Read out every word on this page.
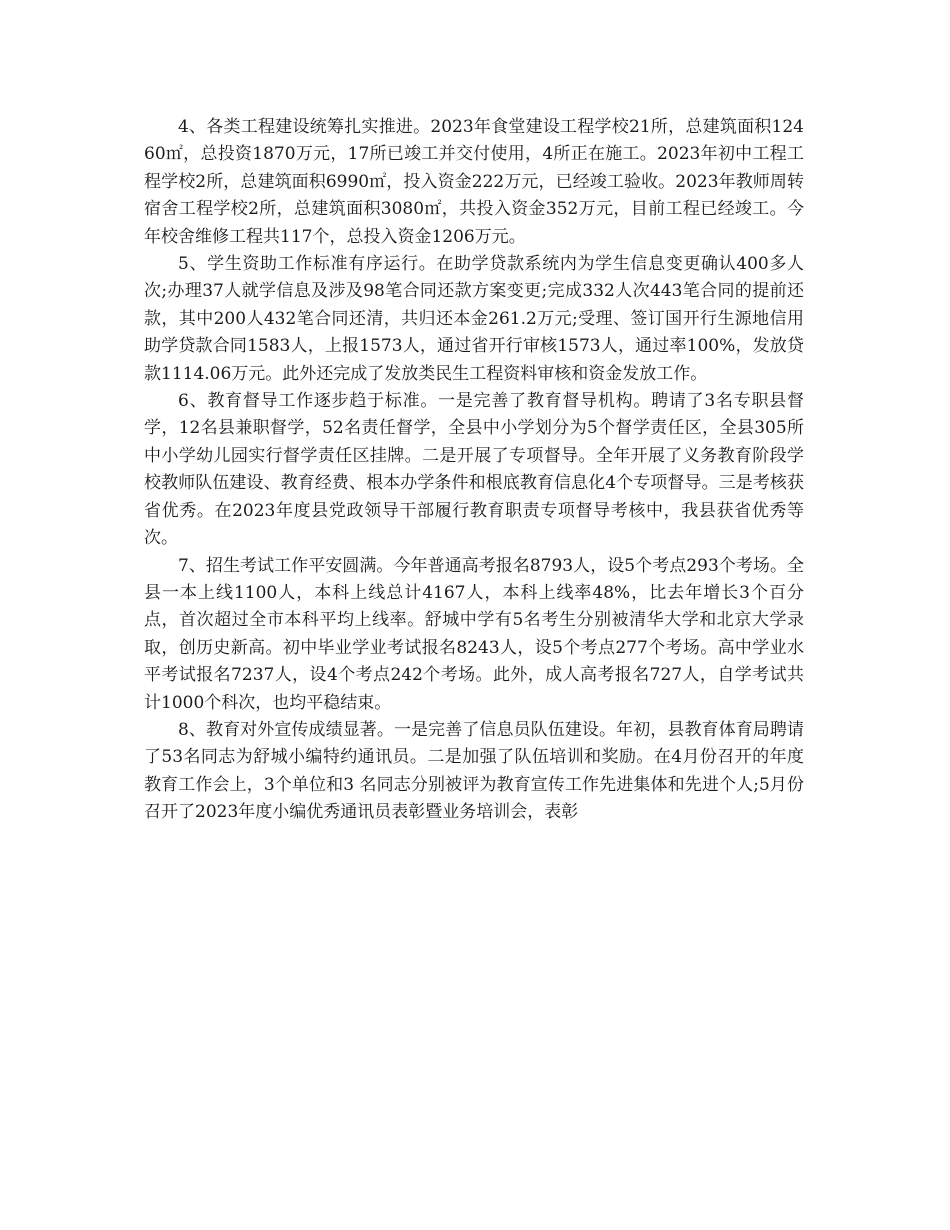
4、各类工程建设统筹扎实推进。2023年食堂建设工程学校21所，总建筑面积12460㎡，总投资1870万元，17所已竣工并交付使用，4所正在施工。2023年初中工程工程学校2所，总建筑面积6990㎡，投入资金222万元，已经竣工验收。2023年教师周转宿舍工程学校2所，总建筑面积3080㎡，共投入资金352万元，目前工程已经竣工。今年校舍维修工程共117个，总投入资金1206万元。

5、学生资助工作标准有序运行。在助学贷款系统内为学生信息变更确认400多人次;办理37人就学信息及涉及98笔合同还款方案变更;完成332人次443笔合同的提前还款，其中200人432笔合同还清，共归还本金261.2万元;受理、签订国开行生源地信用助学贷款合同1583人，上报1573人，通过省开行审核1573人，通过率100%，发放贷款1114.06万元。此外还完成了发放类民生工程资料审核和资金发放工作。

6、教育督导工作逐步趋于标准。一是完善了教育督导机构。聘请了3名专职县督学，12名县兼职督学，52名责任督学，全县中小学划分为5个督学责任区，全县305所中小学幼儿园实行督学责任区挂牌。二是开展了专项督导。全年开展了义务教育阶段学校教师队伍建设、教育经费、根本办学条件和根底教育信息化4个专项督导。三是考核获省优秀。在2023年度县党政领导干部履行教育职责专项督导考核中，我县获省优秀等次。

7、招生考试工作平安圆满。今年普通高考报名8793人，设5个考点293个考场。全县一本上线1100人，本科上线总计4167人，本科上线率48%，比去年增长3个百分点，首次超过全市本科平均上线率。舒城中学有5名考生分别被清华大学和北京大学录取，创历史新高。初中毕业学业考试报名8243人，设5个考点277个考场。高中学业水平考试报名7237人，设4个考点242个考场。此外，成人高考报名727人，自学考试共计1000个科次，也均平稳结束。

8、教育对外宣传成绩显著。一是完善了信息员队伍建设。年初，县教育体育局聘请了53名同志为舒城小编特约通讯员。二是加强了队伍培训和奖励。在4月份召开的年度教育工作会上，3个单位和3 名同志分别被评为教育宣传工作先进集体和先进个人;5月份召开了2023年度小编优秀通讯员表彰暨业务培训会，表彰
